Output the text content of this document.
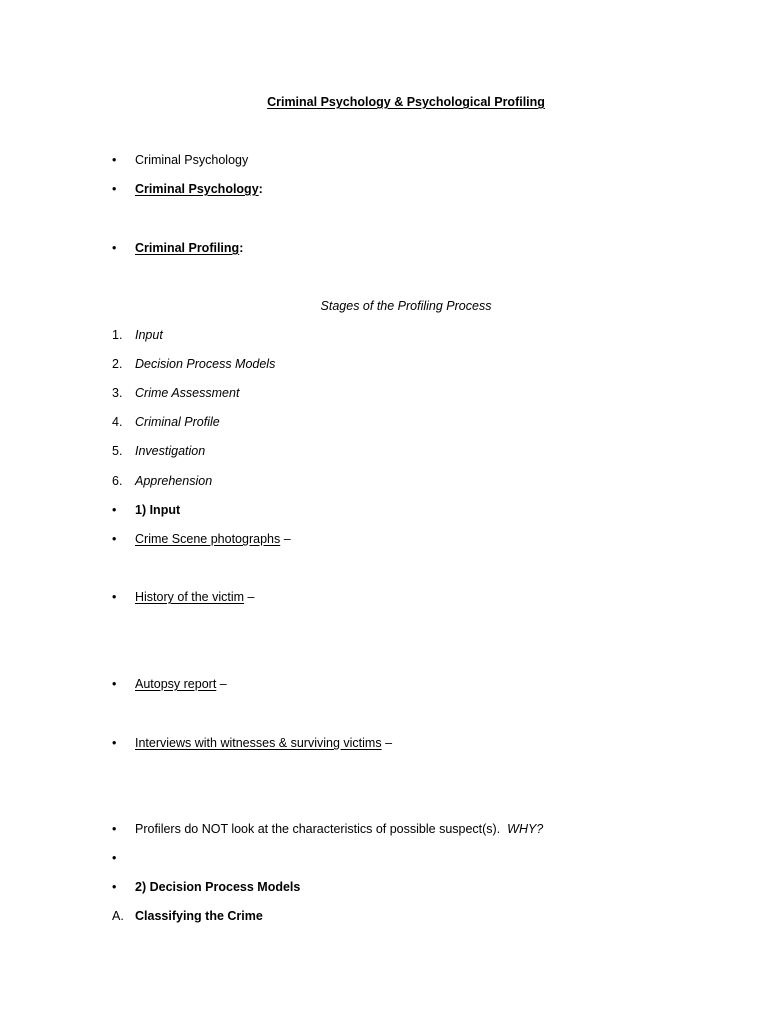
Criminal Psychology & Psychological Profiling
•	Criminal Psychology
•	Criminal Psychology:
•	Criminal Profiling:
Stages of the Profiling Process
1.	Input
2.	Decision Process Models
3.	Crime Assessment
4.	Criminal Profile
5.	Investigation
6.	Apprehension
•	1) Input
•	Crime Scene photographs –
•	History of the victim –
•	Autopsy report –
•	Interviews with witnesses & surviving victims –
•	Profilers do NOT look at the characteristics of possible suspect(s).  WHY?
•
•	2) Decision Process Models
A. Classifying the Crime
